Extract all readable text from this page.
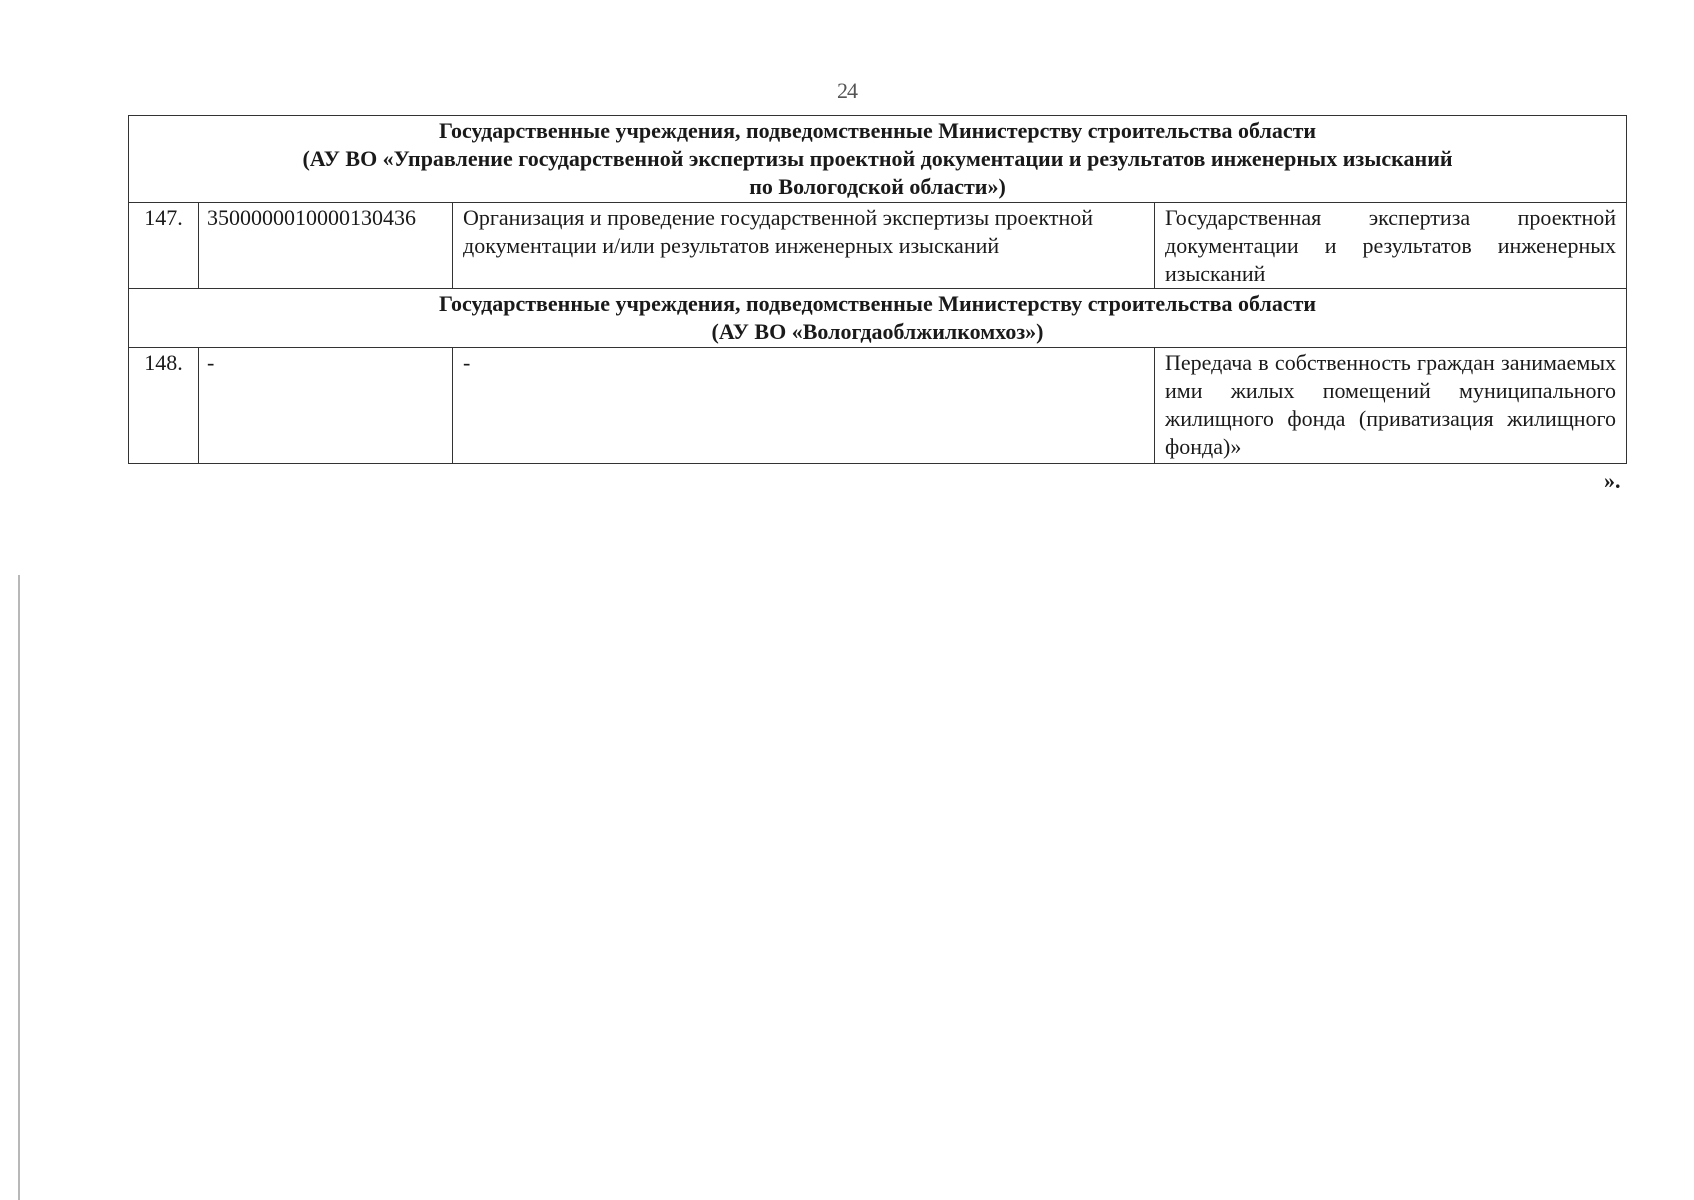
24
Государственные учреждения, подведомственные Министерству строительства области
(АУ ВО «Управление государственной экспертизы проектной документации и результатов инженерных изысканий
по Вологодской области»)			

147.	3500000010000130436	Организация и проведение государственной экспертизы проектной документации и/или результатов инженерных изысканий	Государственная экспертиза проектной документации и результатов инженерных изысканий

Государственные учреждения, подведомственные Министерству строительства области
(АУ ВО «Вологдаоблжилкомхоз»)			

148.	-	-	Передача в собственность граждан занимаемых ими жилых помещений муниципального жилищного фонда (приватизация жилищного фонда)»
».
